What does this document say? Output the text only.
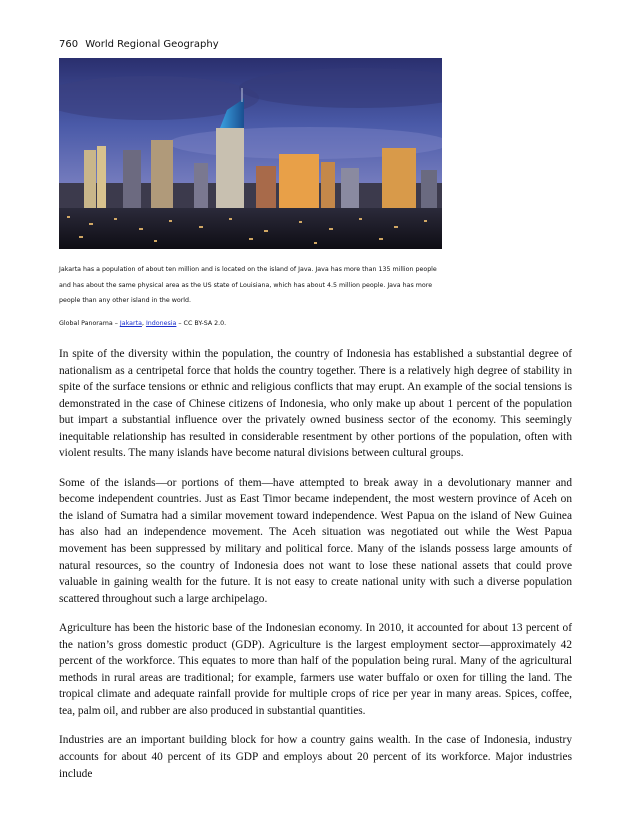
760 World Regional Geography
Jakarta has a population of about ten million and is located on the island of Java. Java has more than 135 million people and has about the same physical area as the US state of Louisiana, which has about 4.5 million people. Java has more people than any other island in the world.
Global Panorama – Jakarta, Indonesia – CC BY-SA 2.0.

In spite of the diversity within the population, the country of Indonesia has established a substantial degree of nationalism as a centripetal force that holds the country together. There is a relatively high degree of stability in spite of the surface tensions or ethnic and religious conflicts that may erupt. An example of the social tensions is demonstrated in the case of Chinese citizens of Indonesia, who only make up about 1 percent of the population but impart a substantial influence over the privately owned business sector of the economy. This seemingly inequitable relationship has resulted in considerable resentment by other portions of the population, often with violent results. The many islands have become natural divisions between cultural groups.

Some of the islands—or portions of them—have attempted to break away in a devolutionary manner and become independent countries. Just as East Timor became independent, the most western province of Aceh on the island of Sumatra had a similar movement toward independence. West Papua on the island of New Guinea has also had an independence movement. The Aceh situation was negotiated out while the West Papua movement has been suppressed by military and political force. Many of the islands possess large amounts of natural resources, so the country of Indonesia does not want to lose these national assets that could prove valuable in gaining wealth for the future. It is not easy to create national unity with such a diverse population scattered throughout such a large archipelago.

Agriculture has been the historic base of the Indonesian economy. In 2010, it accounted for about 13 percent of the nation’s gross domestic product (GDP). Agriculture is the largest employment sector—approximately 42 percent of the workforce. This equates to more than half of the population being rural. Many of the agricultural methods in rural areas are traditional; for example, farmers use water buffalo or oxen for tilling the land. The tropical climate and adequate rainfall provide for multiple crops of rice per year in many areas. Spices, coffee, tea, palm oil, and rubber are also produced in substantial quantities.

Industries are an important building block for how a country gains wealth. In the case of Indonesia, industry accounts for about 40 percent of its GDP and employs about 20 percent of its workforce. Major industries include
